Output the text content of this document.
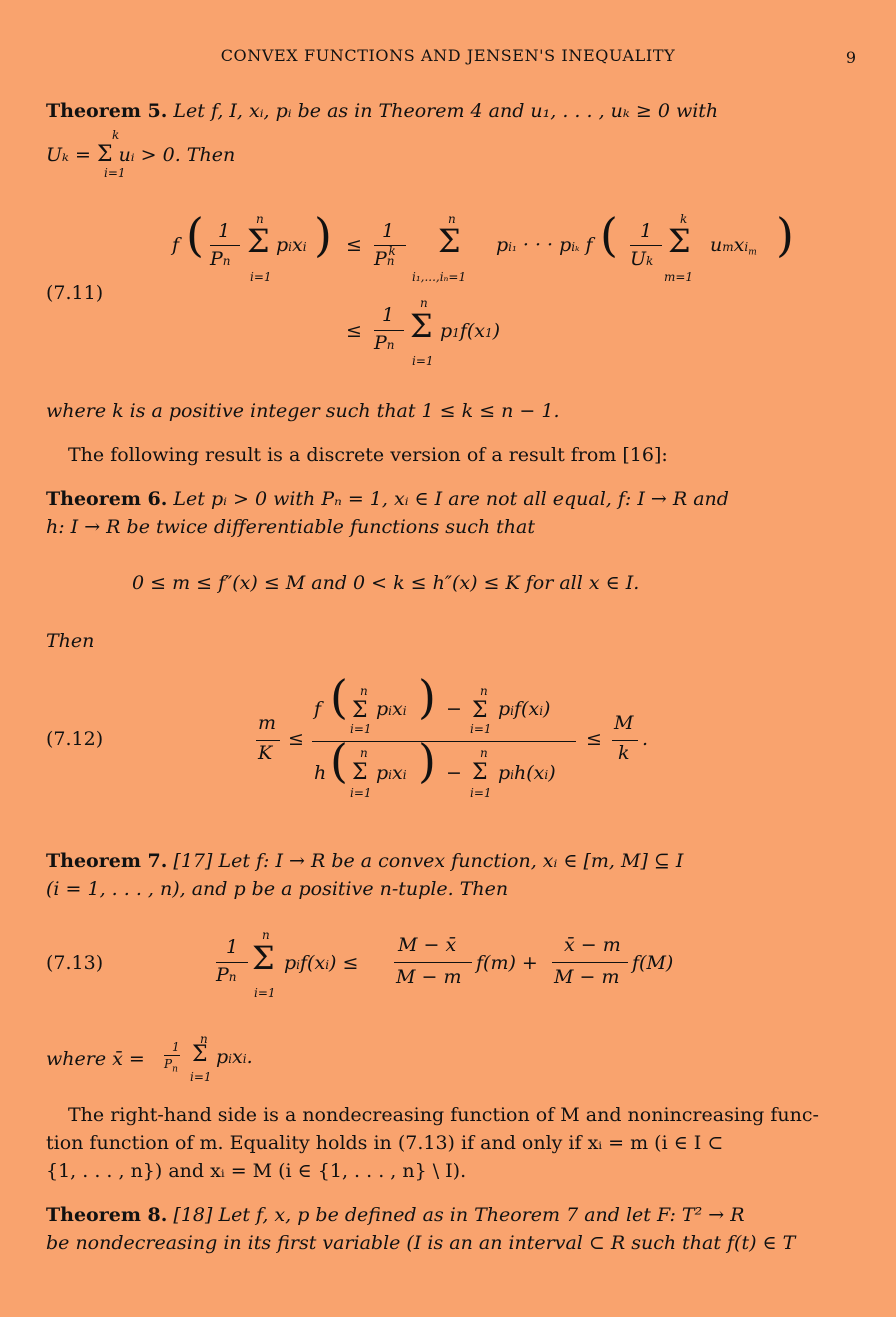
CONVEX FUNCTIONS AND JENSEN'S INEQUALITY	9
Theorem 5. Let f, I, xᵢ, pᵢ be as in Theorem 4 and u₁, . . . , uₖ ≥ 0 with
Uₖ = Σ uᵢ > 0. Then
k
i=1
(7.11)
f ( 1
Pn
n
Σ
i=1
pixi ) ≤
1
Pn$^k$
n
Σ
i₁,...,iₙ=1
pi₁ · · · piₖ f ( 1
Uk
k
Σ
m=1
umxi$_m$ )
≤
1
Pn
n
Σ
i=1
p1f(x1)
where k is a positive integer such that 1 ≤ k ≤ n − 1.
The following result is a discrete version of a result from [16]:
Theorem 6. Let pᵢ > 0 with Pₙ = 1, xᵢ ∈ I are not all equal, f: I → R and
h: I → R be twice differentiable functions such that
0 ≤ m ≤ f″(x) ≤ M and 0 < k ≤ h″(x) ≤ K for all x ∈ I.
Then
(7.12)
m
K
≤
f ( n
Σ
i=1
pixi ) −
n
Σ
i=1
pif(xi)
h ( n
Σ
i=1
pixi ) −
n
Σ
i=1
pih(xi)
≤
M
k
.
Theorem 7. [17] Let f: I → R be a convex function, xᵢ ∈ [m, M] ⊆ I
(i = 1, . . . , n), and p be a positive n-tuple. Then
(7.13)
1
Pn
n
Σ
i=1
pif(xi) ≤
M − x̄
M − m
f(m) +
x̄ − m
M − m
f(M)
where x̄ =
1
$P_n$
n
Σ
i=1
pixi.
The right-hand side is a nondecreasing function of M and nonincreasing func-
tion function of m. Equality holds in (7.13) if and only if xᵢ = m (i ∈ I ⊂
{1, . . . , n}) and xᵢ = M (i ∈ {1, . . . , n} \ I).
Theorem 8. [18] Let f, x, p be defined as in Theorem 7 and let F: T² → R
be nondecreasing in its first variable (I is an an interval ⊂ R such that f(t) ∈ T
